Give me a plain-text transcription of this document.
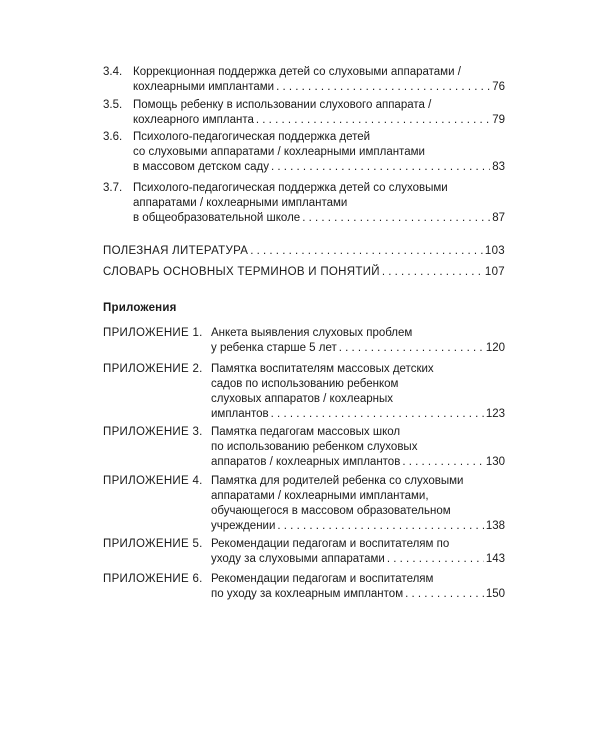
3.4. Коррекционная поддержка детей со слуховыми аппаратами /
кохлеарными имплантами . . .	76
3.5. Помощь ребенку в использовании слухового аппарата /
кохлеарного импланта . . .	79
3.6. Психолого-педагогическая поддержка детей
со слуховыми аппаратами / кохлеарными имплантами
в массовом детском саду . . .	83
3.7. Психолого-педагогическая поддержка детей со слуховыми
аппаратами / кохлеарными имплантами
в общеобразовательной школе . . .	87
ПОЛЕЗНАЯ ЛИТЕРАТУРА . . .	103
СЛОВАРЬ ОСНОВНЫХ ТЕРМИНОВ И ПОНЯТИЙ . . .	107
Приложения
ПРИЛОЖЕНИЕ 1. Анкета выявления слуховых проблем
у ребенка старше 5 лет . . .	120
ПРИЛОЖЕНИЕ 2. Памятка воспитателям массовых детских
садов по использованию ребенком
слуховых аппаратов / кохлеарных
имплантов . . .	123
ПРИЛОЖЕНИЕ 3. Памятка педагогам массовых школ
по использованию ребенком слуховых
аппаратов / кохлеарных имплантов . . .	130
ПРИЛОЖЕНИЕ 4. Памятка для родителей ребенка со слуховыми
аппаратами / кохлеарными имплантами,
обучающегося в массовом образовательном
учреждении . . .	138
ПРИЛОЖЕНИЕ 5. Рекомендации педагогам и воспитателям по
уходу за слуховыми аппаратами . . .	143
ПРИЛОЖЕНИЕ 6. Рекомендации педагогам и воспитателям
по уходу за кохлеарным имплантом . . .	150
